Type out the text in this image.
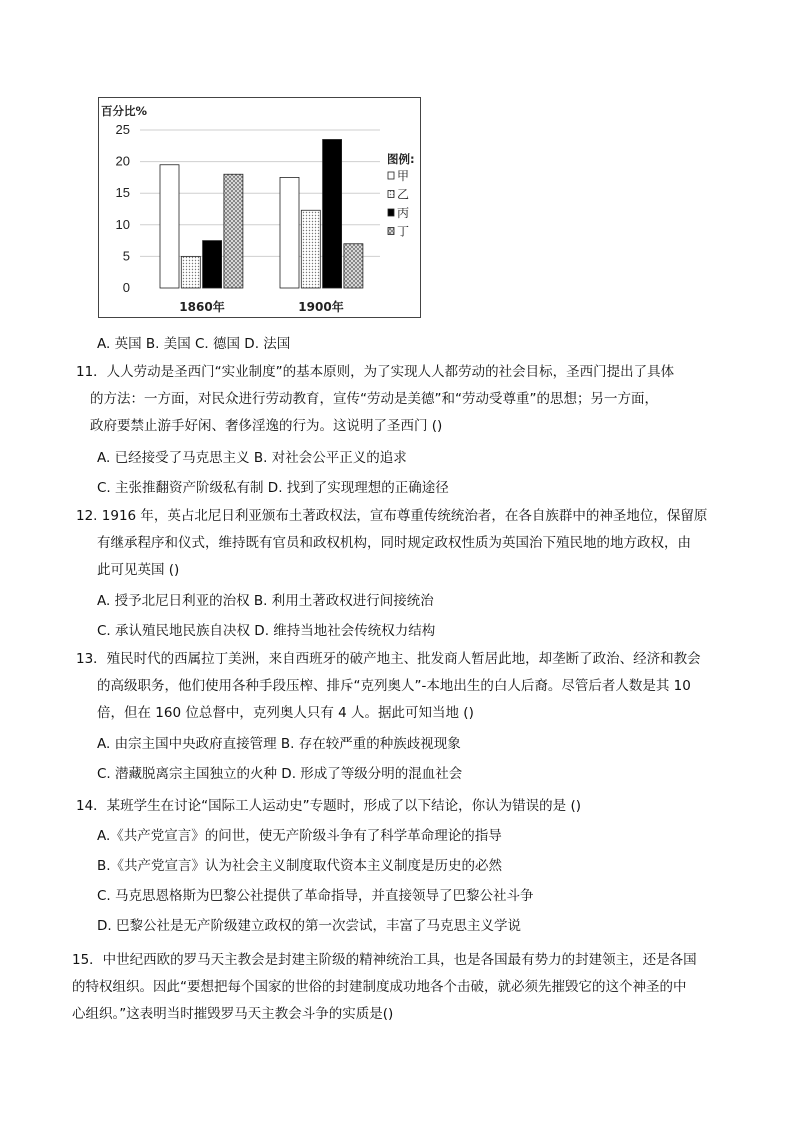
百分比%
25
20
15
10
5
0
1860年	1900年
图例:
甲
乙
丙
丁
A. 英国 B. 美国 C. 德国 D. 法国
11．人人劳动是圣西门“实业制度”的基本原则，为了实现人人都劳动的社会目标，圣西门提出了具体
的方法：一方面，对民众进行劳动教育，宣传“劳动是美德”和“劳动受尊重”的思想；另一方面，
政府要禁止游手好闲、奢侈淫逸的行为。这说明了圣西门 ()
A. 已经接受了马克思主义 B. 对社会公平正义的追求
C. 主张推翻资产阶级私有制 D. 找到了实现理想的正确途径
12. 1916 年，英占北尼日利亚颁布土著政权法，宣布尊重传统统治者，在各自族群中的神圣地位，保留原
有继承程序和仪式，维持既有官员和政权机构，同时规定政权性质为英国治下殖民地的地方政权，由
此可见英国 ()
A. 授予北尼日利亚的治权 B. 利用土著政权进行间接统治
C. 承认殖民地民族自决权 D. 维持当地社会传统权力结构
13．殖民时代的西属拉丁美洲，来自西班牙的破产地主、批发商人暂居此地，却垄断了政治、经济和教会
的高级职务，他们使用各种手段压榨、排斥“克列奥人”-本地出生的白人后裔。尽管后者人数是其 10
倍，但在 160 位总督中，克列奥人只有 4 人。据此可知当地 ()
A. 由宗主国中央政府直接管理 B. 存在较严重的种族歧视现象
C. 潜藏脱离宗主国独立的火种 D. 形成了等级分明的混血社会
14．某班学生在讨论“国际工人运动史”专题时，形成了以下结论，你认为错误的是 ()
A.《共产党宣言》的问世，使无产阶级斗争有了科学革命理论的指导
B.《共产党宣言》认为社会主义制度取代资本主义制度是历史的必然
C. 马克思恩格斯为巴黎公社提供了革命指导，并直接领导了巴黎公社斗争
D. 巴黎公社是无产阶级建立政权的第一次尝试，丰富了马克思主义学说
15．中世纪西欧的罗马天主教会是封建主阶级的精神统治工具，也是各国最有势力的封建领主，还是各国
的特权组织。因此“要想把每个国家的世俗的封建制度成功地各个击破，就必须先摧毁它的这个神圣的中
心组织。”这表明当时摧毁罗马天主教会斗争的实质是()
